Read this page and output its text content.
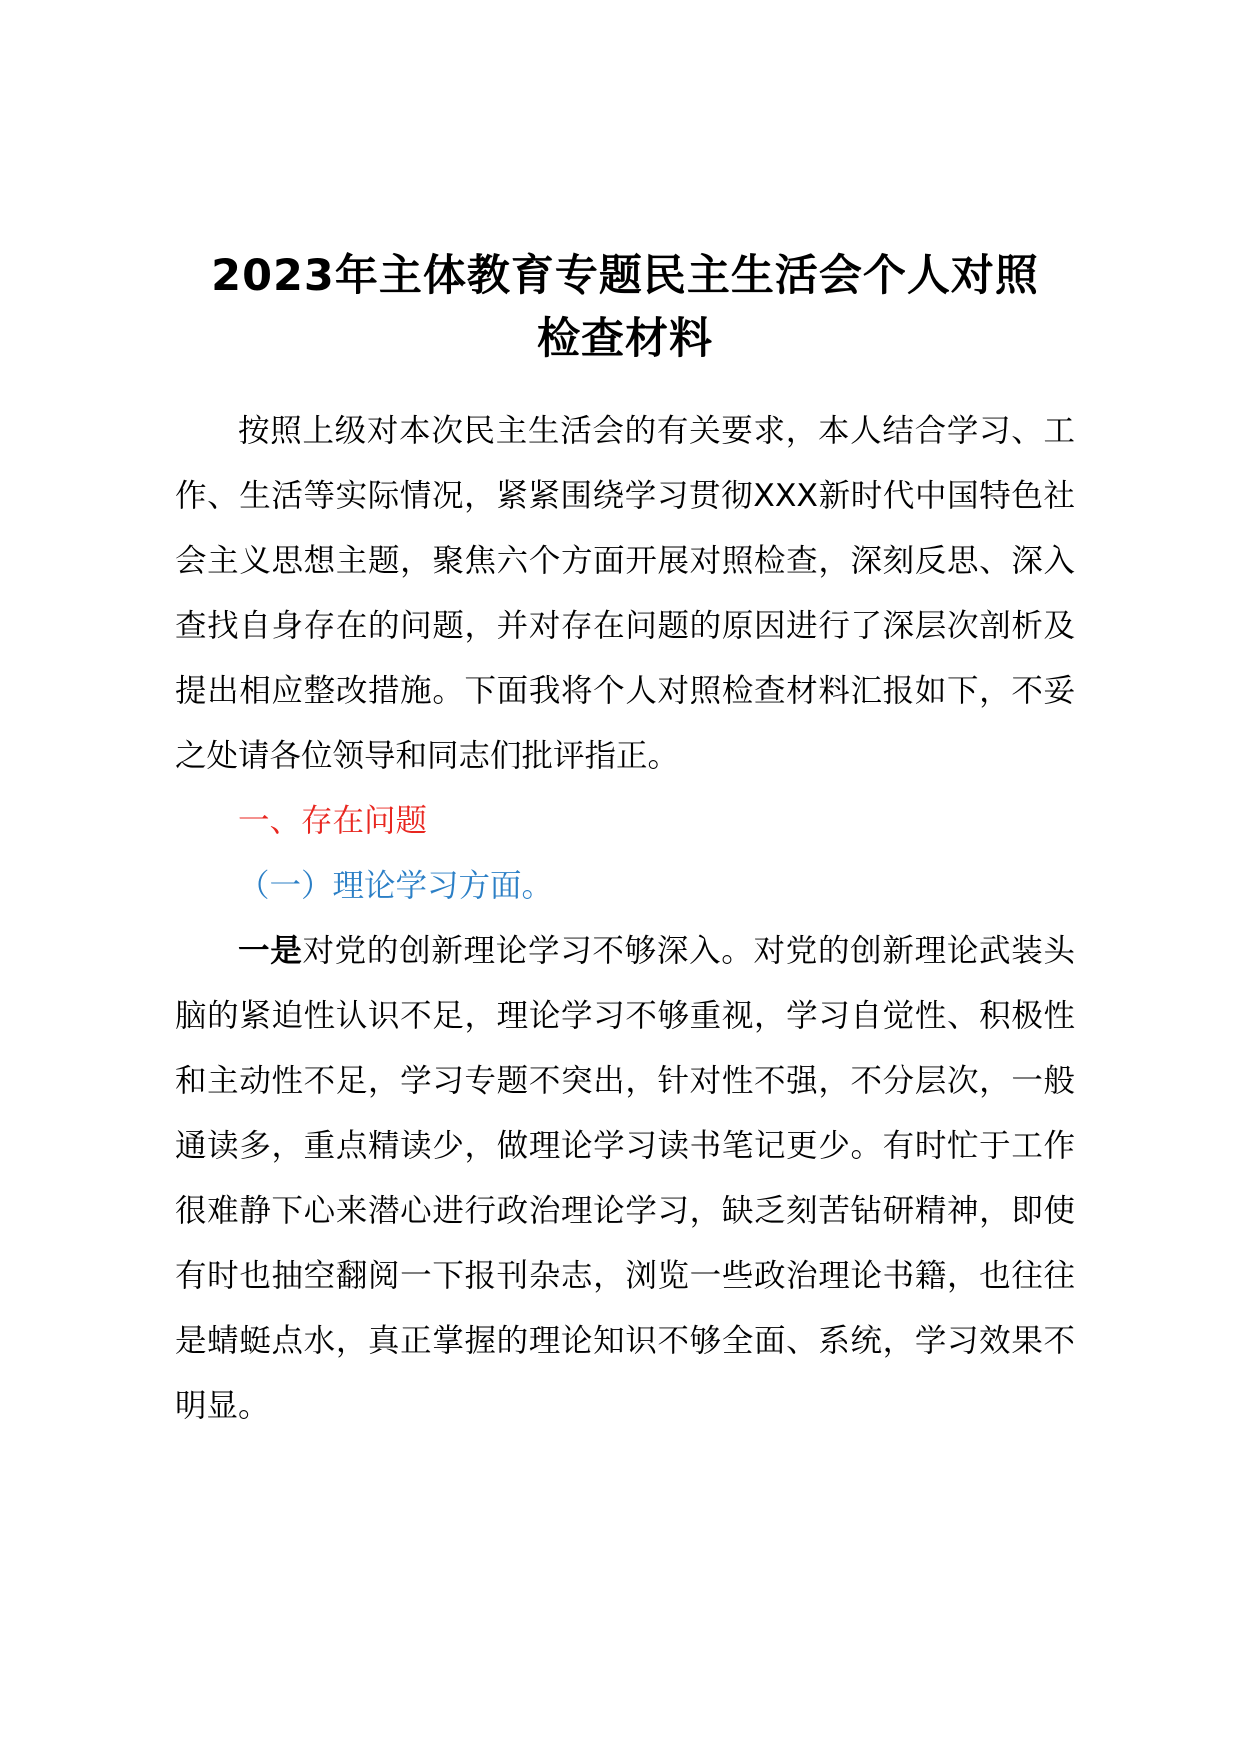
2023年主体教育专题民主生活会个人对照
检查材料

按照上级对本次民主生活会的有关要求，本人结合学习、工作、生活等实际情况，紧紧围绕学习贯彻XXX新时代中国特色社会主义思想主题，聚焦六个方面开展对照检查，深刻反思、深入查找自身存在的问题，并对存在问题的原因进行了深层次剖析及提出相应整改措施。下面我将个人对照检查材料汇报如下，不妥之处请各位领导和同志们批评指正。

一、存在问题

（一）理论学习方面。

一是对党的创新理论学习不够深入。对党的创新理论武装头脑的紧迫性认识不足，理论学习不够重视，学习自觉性、积极性和主动性不足，学习专题不突出，针对性不强，不分层次，一般通读多，重点精读少，做理论学习读书笔记更少。有时忙于工作很难静下心来潜心进行政治理论学习，缺乏刻苦钻研精神，即使有时也抽空翻阅一下报刊杂志，浏览一些政治理论书籍，也往往是蜻蜓点水，真正掌握的理论知识不够全面、系统，学习效果不明显。
